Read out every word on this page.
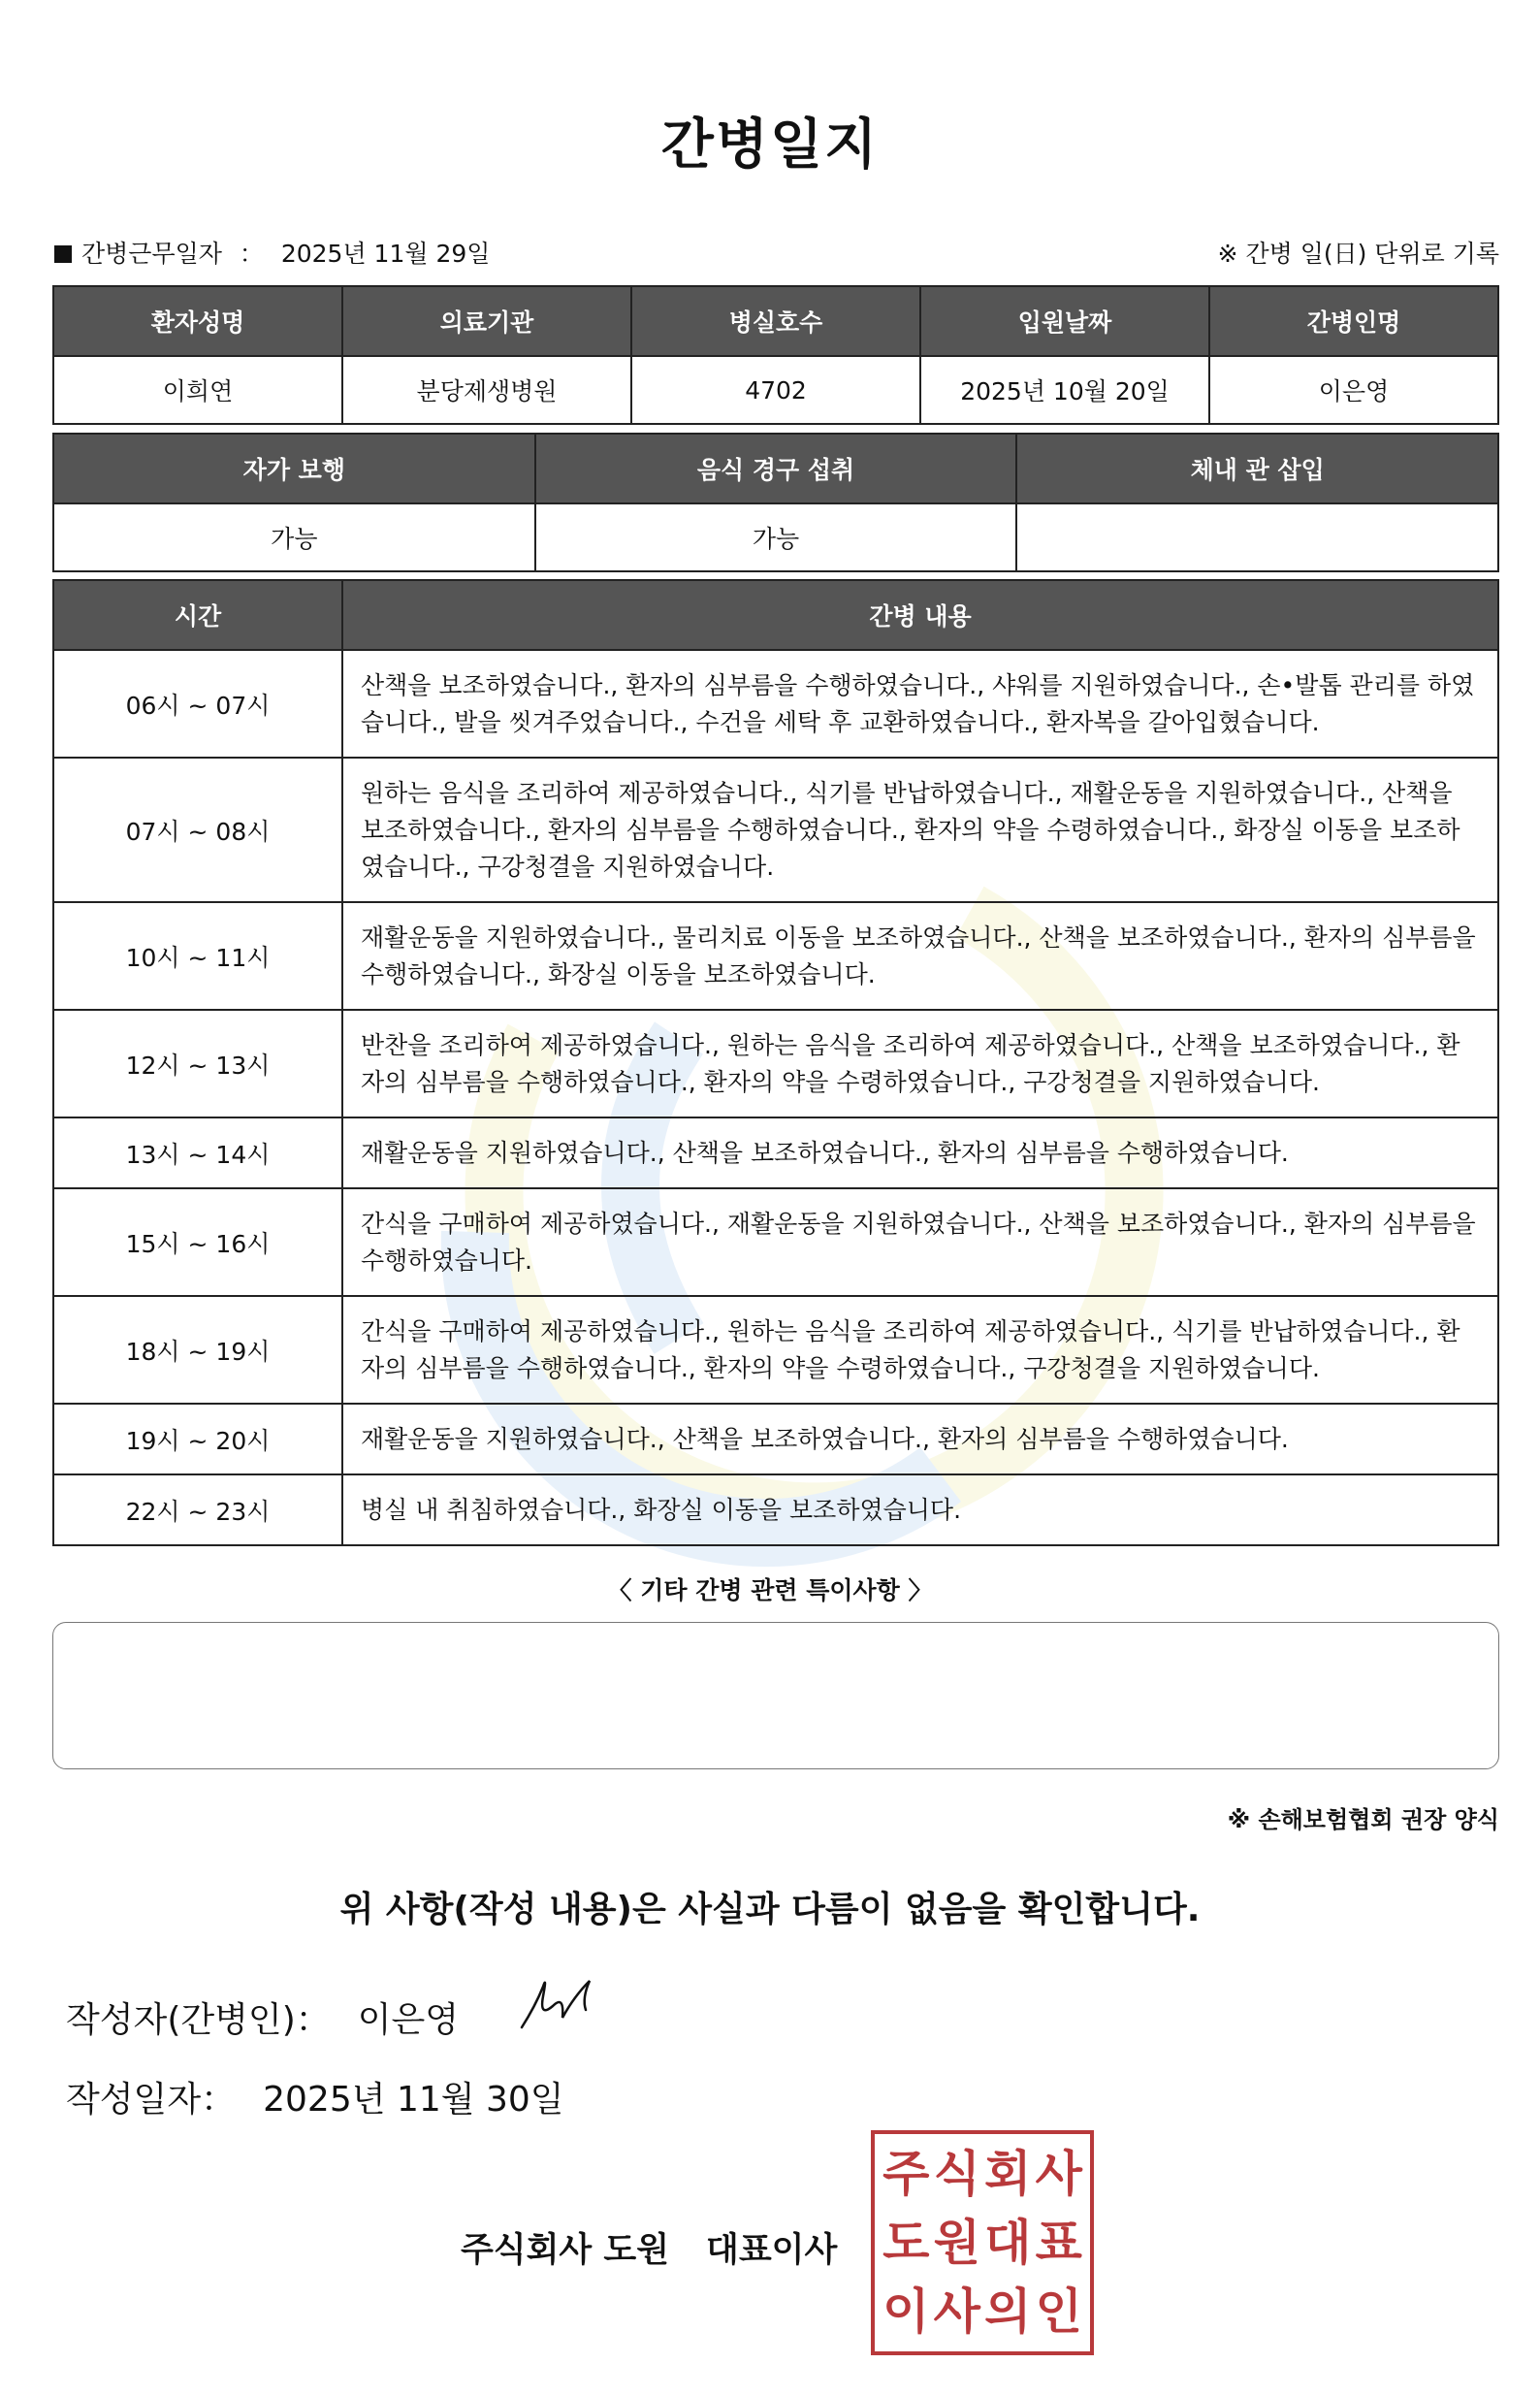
간병일지
간병근무일자 ： 2025년 11월 29일	※ 간병 일(日) 단위로 기록
환자성명	의료기관	병실호수	입원날짜	간병인명
이희연	분당제생병원	4702	2025년 10월 20일	이은영
자가 보행	음식 경구 섭취	체내 관 삽입
가능	가능	
시간	간병 내용
06시 ~ 07시	산책을 보조하였습니다., 환자의 심부름을 수행하였습니다., 샤워를 지원하였습니다., 손•발톱 관리를 하였습니다., 발을 씻겨주었습니다., 수건을 세탁 후 교환하였습니다., 환자복을 갈아입혔습니다.
07시 ~ 08시	원하는 음식을 조리하여 제공하였습니다., 식기를 반납하였습니다., 재활운동을 지원하였습니다., 산책을 보조하였습니다., 환자의 심부름을 수행하였습니다., 환자의 약을 수령하였습니다., 화장실 이동을 보조하였습니다., 구강청결을 지원하였습니다.
10시 ~ 11시	재활운동을 지원하였습니다., 물리치료 이동을 보조하였습니다., 산책을 보조하였습니다., 환자의 심부름을 수행하였습니다., 화장실 이동을 보조하였습니다.
12시 ~ 13시	반찬을 조리하여 제공하였습니다., 원하는 음식을 조리하여 제공하였습니다., 산책을 보조하였습니다., 환자의 심부름을 수행하였습니다., 환자의 약을 수령하였습니다., 구강청결을 지원하였습니다.
13시 ~ 14시	재활운동을 지원하였습니다., 산책을 보조하였습니다., 환자의 심부름을 수행하였습니다.
15시 ~ 16시	간식을 구매하여 제공하였습니다., 재활운동을 지원하였습니다., 산책을 보조하였습니다., 환자의 심부름을 수행하였습니다.
18시 ~ 19시	간식을 구매하여 제공하였습니다., 원하는 음식을 조리하여 제공하였습니다., 식기를 반납하였습니다., 환자의 심부름을 수행하였습니다., 환자의 약을 수령하였습니다., 구강청결을 지원하였습니다.
19시 ~ 20시	재활운동을 지원하였습니다., 산책을 보조하였습니다., 환자의 심부름을 수행하였습니다.
22시 ~ 23시	병실 내 취침하였습니다., 화장실 이동을 보조하였습니다.
〈 기타 간병 관련 특이사항 〉
※ 손해보험협회 권장 양식
위 사항(작성 내용)은 사실과 다름이 없음을 확인합니다.
작성자(간병인)： 이은영
작성일자： 2025년 11월 30일
주식회사 도원 대표이사
주 식 회 사
도 원 대 표
이 사 의 인
